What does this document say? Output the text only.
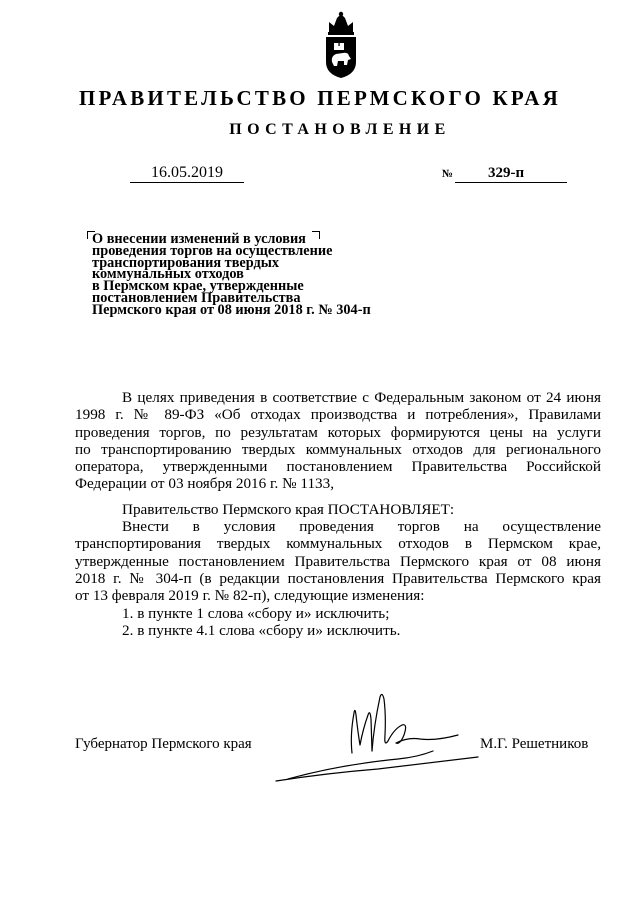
ПРАВИТЕЛЬСТВО ПЕРМСКОГО КРАЯ
ПОСТАНОВЛЕНИЕ
16.05.2019	№	329-п
О внесении изменений в условия
проведения торгов на осуществление
транспортирования твердых
коммунальных отходов
в Пермском крае, утвержденные
постановлением Правительства
Пермского края от 08 июня 2018 г. № 304-п
В целях приведения в соответствие с Федеральным законом от 24 июня
1998 г. № 89-ФЗ «Об отходах производства и потребления», Правилами
проведения торгов, по результатам которых формируются цены на услуги
по транспортированию твердых коммунальных отходов для регионального
оператора, утвержденными постановлением Правительства Российской
Федерации от 03 ноября 2016 г. № 1133,
Правительство Пермского края ПОСТАНОВЛЯЕТ:
Внести в условия проведения торгов на осуществление
транспортирования твердых коммунальных отходов в Пермском крае,
утвержденные постановлением Правительства Пермского края от 08 июня
2018 г. № 304-п (в редакции постановления Правительства Пермского края
от 13 февраля 2019 г. № 82-п), следующие изменения:
1. в пункте 1 слова «сбору и» исключить;
2. в пункте 4.1 слова «сбору и» исключить.
Губернатор Пермского края	М.Г. Решетников
